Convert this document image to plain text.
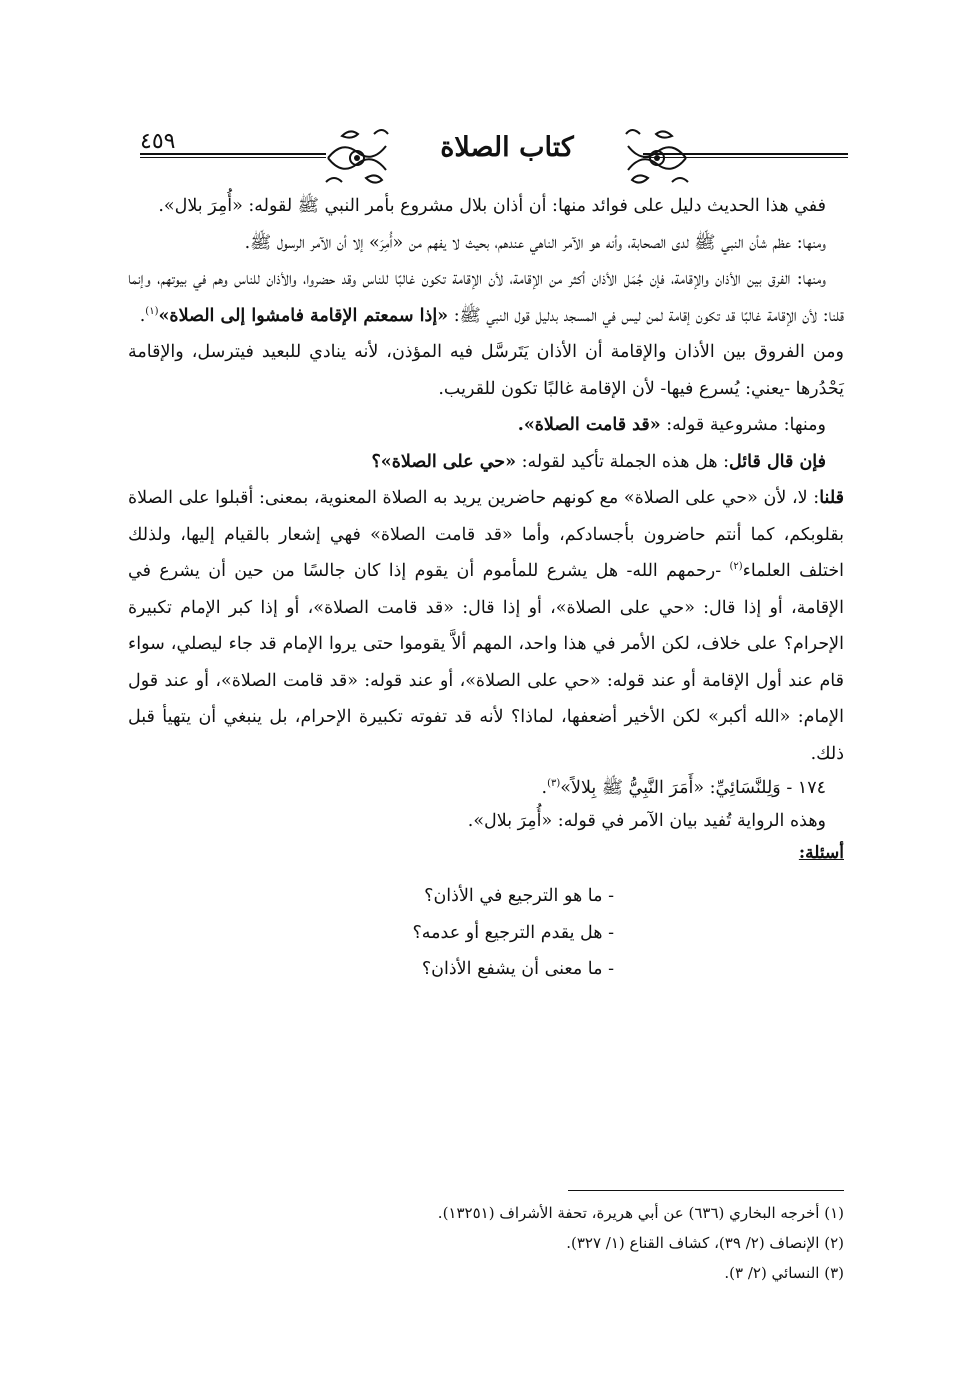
٤٥٩	كتاب الصلاة

ففي هذا الحديث دليل على فوائد منها: أن أذان بلال مشروع بأمر النبي ﷺ لقوله: «أُمِرَ بلال».

ومنها: عظم شأن النبي ﷺ لدى الصحابة، وأنه هو الآمر الناهي عندهم، بحيث لا يفهم من «أُمِرَ» إلا أن الآمر الرسول ﷺ.

ومنها: الفرق بين الأذان والإقامة، فإن جُمَل الأذان أكثر من الإقامة، لأن الإقامة تكون غالبًا للناس وقد حضروا، والأذان للناس وهم في بيوتهم، وإنما قلنا: لأن الإقامة غالبًا قد تكون إقامة لمن ليس في المسجد بدليل قول النبي ﷺ: «إذا سمعتم الإقامة فامشوا إلى الصلاة»$^{(١)}$.

ومن الفروق بين الأذان والإقامة أن الأذان يَتَرسَّل فيه المؤذن، لأنه ينادي للبعيد فيترسل، والإقامة يَحْدُرها -يعني: يُسرع فيها- لأن الإقامة غالبًا تكون للقريب.

ومنها: مشروعية قوله: «قد قامت الصلاة».

فإن قال قائل: هل هذه الجملة تأكيد لقوله: «حي على الصلاة»؟

قلنا: لا، لأن «حي على الصلاة» مع كونهم حاضرين يريد به الصلاة المعنوية، بمعنى: أقبلوا على الصلاة بقلوبكم، كما أنتم حاضرون بأجسادكم، وأما «قد قامت الصلاة» فهي إشعار بالقيام إليها، ولذلك اختلف العلماء$^{(٢)}$ -رحمهم الله- هل يشرع للمأموم أن يقوم إذا كان جالسًا من حين أن يشرع في الإقامة، أو إذا قال: «حي على الصلاة»، أو إذا قال: «قد قامت الصلاة»، أو إذا كبر الإمام تكبيرة الإحرام؟ على خلاف، لكن الأمر في هذا واحد، المهم ألاَّ يقوموا حتى يروا الإمام قد جاء ليصلي، سواء قام عند أول الإقامة أو عند قوله: «حي على الصلاة»، أو عند قوله: «قد قامت الصلاة»، أو عند قول الإمام: «الله أكبر» لكن الأخير أضعفها، لماذا؟ لأنه قد تفوته تكبيرة الإحرام، بل ينبغي أن يتهيأ قبل ذلك.

١٧٤ - وَلِلنَّسَائِيِّ: «أَمَرَ النَّبِيُّ ﷺ بِلالاً»$^{(٣)}$.

وهذه الرواية تُفيد بيان الآمر في قوله: «أُمِرَ بلال».

أسئلة:
- ما هو الترجيع في الأذان؟
- هل يقدم الترجيع أو عدمه؟
- ما معنى أن يشفع الأذان؟

(١) أخرجه البخاري (٦٣٦) عن أبي هريرة، تحفة الأشراف (١٣٢٥١).

(٢) الإنصاف (٢/ ٣٩)، كشاف القناع (١/ ٣٢٧).

(٣) النسائي (٢/ ٣).
